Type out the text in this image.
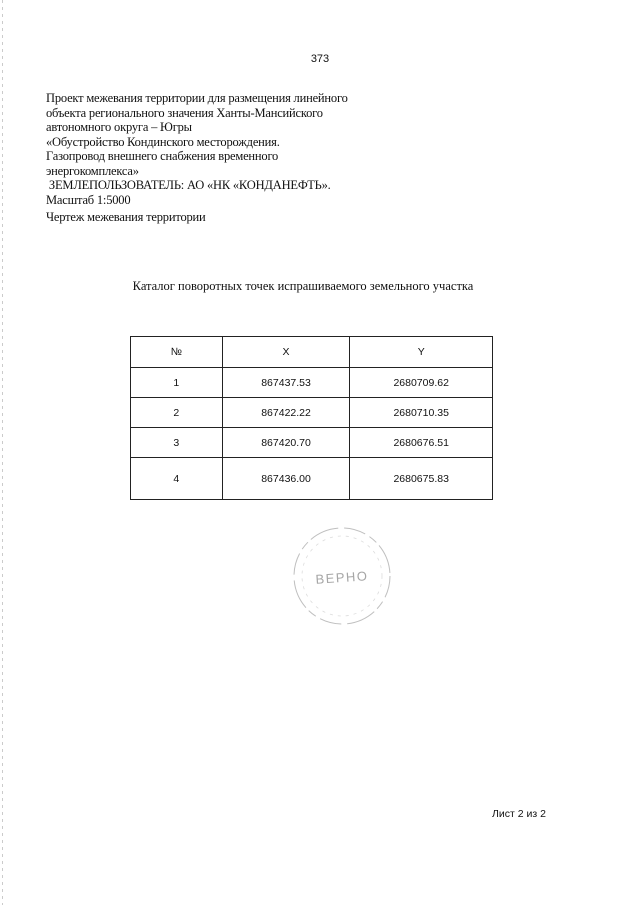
373
Проект межевания территории для размещения линейного
объекта регионального значения Ханты-Мансийского
автономного округа – Югры
«Обустройство Кондинского месторождения.
Газопровод внешнего снабжения временного
энергокомплекса»
ЗЕМЛЕПОЛЬЗОВАТЕЛЬ: АО «НК «КОНДАНЕФТЬ».
Масштаб 1:5000
Чертеж межевания территории
Каталог поворотных точек испрашиваемого земельного участка
№	X	Y
1	867437.53	2680709.62
2	867422.22	2680710.35
3	867420.70	2680676.51
4	867436.00	2680675.83
ВЕРНО
Лист 2 из 2
